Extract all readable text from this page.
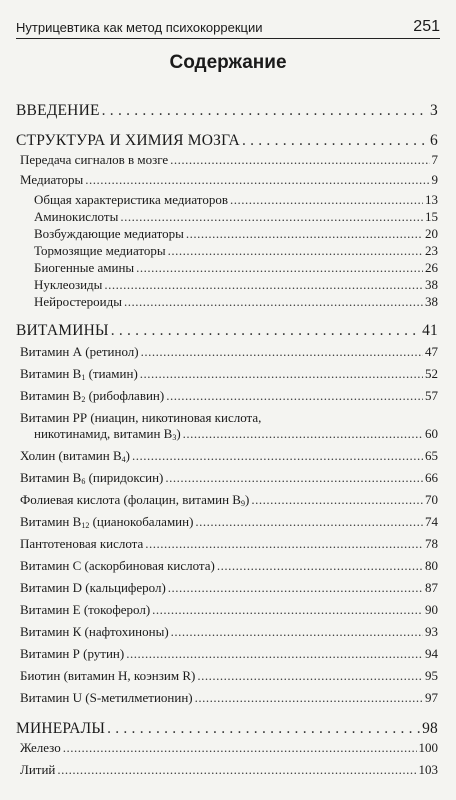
Нутрицевтика как метод психокоррекции	251
Содержание
ВВЕДЕНИЕ . . .	3
СТРУКТУРА И ХИМИЯ МОЗГА . . .	6
Передача сигналов в мозге .....	7
Медиаторы .....	9
Общая характеристика медиаторов .....	13
Аминокислоты .....	15
Возбуждающие медиаторы .....	20
Тормозящие медиаторы .....	23
Биогенные амины .....	26
Нуклеозиды .....	38
Нейростероиды .....	38
ВИТАМИНЫ . . .	41
Витамин А (ретинол) .....	47
Витамин $В_1$ (тиамин) .....	52
Витамин $В_2$ (рибофлавин) .....	57
Витамин РР (ниацин, никотиновая кислота,
никотинамид, витамин $В_3$) .....	60
Холин (витамин $В_4$) .....	65
Витамин $В_6$ (пиридоксин) .....	66
Фолиевая кислота (фолацин, витамин $В_9$) .....	70
Витамин $В_{12}$ (цианокобаламин) .....	74
Пантотеновая кислота .....	78
Витамин С (аскорбиновая кислота) .....	80
Витамин D (кальциферол) .....	87
Витамин Е (токоферол) .....	90
Витамин К (нафтохиноны) .....	93
Витамин Р (рутин) .....	94
Биотин (витамин Н, коэнзим R) .....	95
Витамин U (S-метилметионин) .....	97
МИНЕРАЛЫ . . .	98
Железо .....	100
Литий .....	103
